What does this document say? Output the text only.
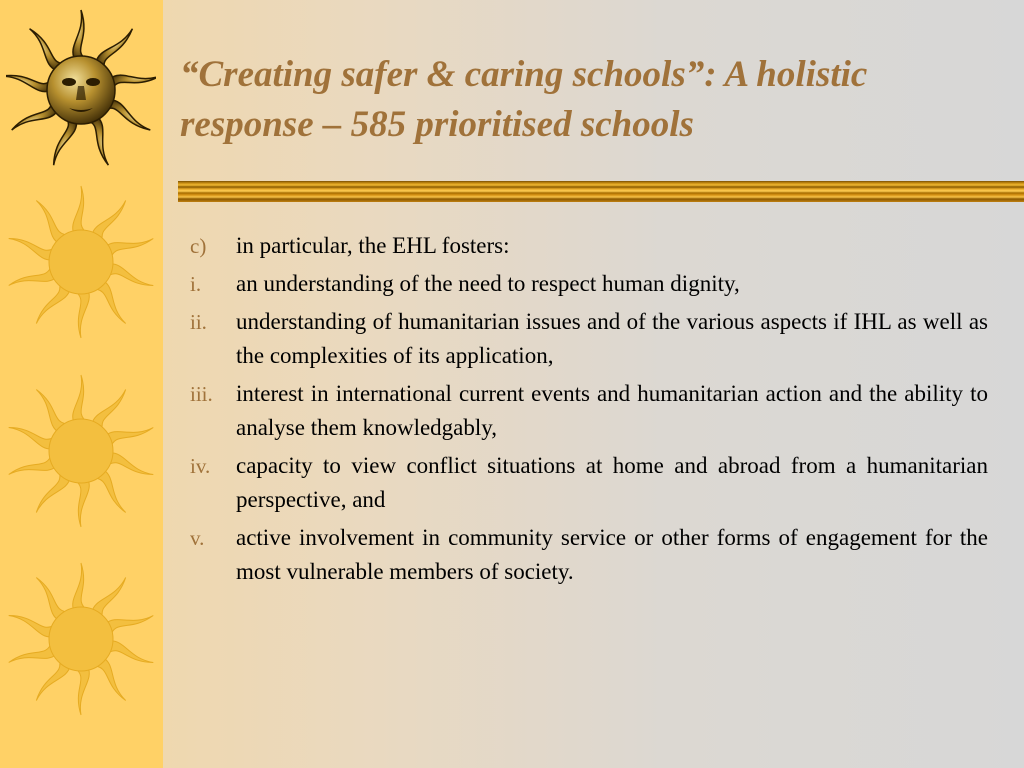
“Creating safer & caring schools”: A holistic response – 585 prioritised schools
c)	in particular, the EHL fosters:
i.	an understanding of the need to respect human dignity,
ii.	understanding of humanitarian issues and of the various aspects if IHL as well as the complexities of its application,
iii.	interest in international current events and humanitarian action and the ability to analyse them knowledgably,
iv.	capacity to view conflict situations at home and abroad from a humanitarian perspective, and
v.	active involvement in community service or other forms of engagement for the most vulnerable members of society.
